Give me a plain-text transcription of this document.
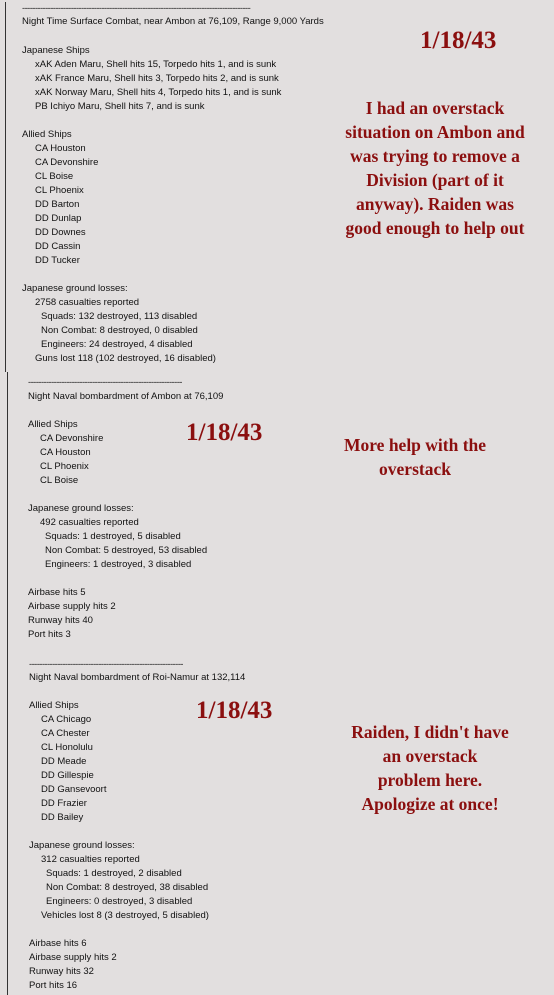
-----------------------------------------------------------------------------------------
Night Time Surface Combat, near Ambon at 76,109, Range 9,000 Yards
Japanese Ships
xAK Aden Maru, Shell hits 15, Torpedo hits 1, and is sunk
xAK France Maru, Shell hits 3, Torpedo hits 2, and is sunk
xAK Norway Maru, Shell hits 4, Torpedo hits 1, and is sunk
PB Ichiyo Maru, Shell hits 7, and is sunk
Allied Ships
CA Houston
CA Devonshire
CL Boise
CL Phoenix
DD Barton
DD Dunlap
DD Downes
DD Cassin
DD Tucker
Japanese ground losses:
2758 casualties reported
Squads: 132 destroyed, 113 disabled
Non Combat: 8 destroyed, 0 disabled
Engineers: 24 destroyed, 4 disabled
Guns lost 118 (102 destroyed, 16 disabled)
1/18/43
I had an overstack situation on Ambon and was trying to remove a Division (part of it anyway). Raiden was good enough to help out
------------------------------------------------------------
Night Naval bombardment of Ambon at 76,109
Allied Ships
CA Devonshire
CA Houston
CL Phoenix
CL Boise
Japanese ground losses:
492 casualties reported
Squads: 1 destroyed, 5 disabled
Non Combat: 5 destroyed, 53 disabled
Engineers: 1 destroyed, 3 disabled
Airbase hits 5
Airbase supply hits 2
Runway hits 40
Port hits 3
1/18/43	More help with the overstack
------------------------------------------------------------
Night Naval bombardment of Roi-Namur at 132,114
Allied Ships
CA Chicago
CA Chester
CL Honolulu
DD Meade
DD Gillespie
DD Gansevoort
DD Frazier
DD Bailey
Japanese ground losses:
312 casualties reported
Squads: 1 destroyed, 2 disabled
Non Combat: 8 destroyed, 38 disabled
Engineers: 0 destroyed, 3 disabled
Vehicles lost 8 (3 destroyed, 5 disabled)
Airbase hits 6
Airbase supply hits 2
Runway hits 32
Port hits 16
1/18/43
Raiden, I didn't have an overstack problem here. Apologize at once!
